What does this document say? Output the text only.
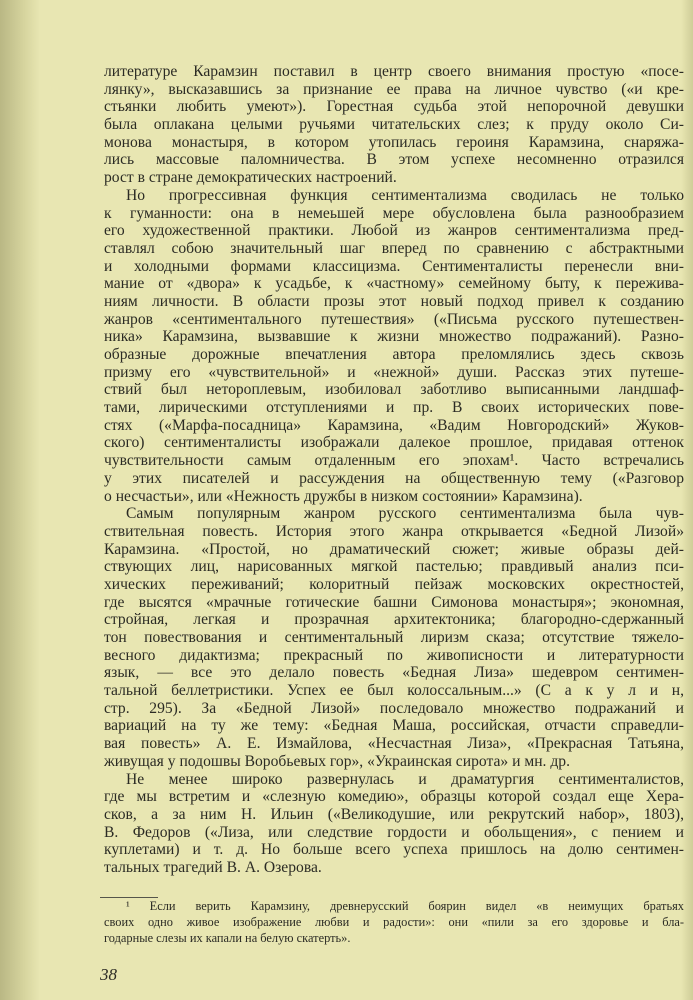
литературе Карамзин поставил в центр своего внимания простую «посе-
лянку», высказавшись за признание ее права на личное чувство («и кре-
стьянки любить умеют»). Горестная судьба этой непорочной девушки
была оплакана целыми ручьями читательских слез; к пруду около Си-
монова монастыря, в котором утопилась героиня Карамзина, снаряжа-
лись массовые паломничества. В этом успехе несомненно отразился
рост в стране демократических настроений.
Но прогрессивная функция сентиментализма сводилась не только
к гуманности: она в немеьшей мере обусловлена была разнообразием
его художественной практики. Любой из жанров сентиментализма пред-
ставлял собою значительный шаг вперед по сравнению с абстрактными
и холодными формами классицизма. Сентименталисты перенесли вни-
мание от «двора» к усадьбе, к «частному» семейному быту, к пережива-
ниям личности. В области прозы этот новый подход привел к созданию
жанров «сентиментального путешествия» («Письма русского путешествен-
ника» Карамзина, вызвавшие к жизни множество подражаний). Разно-
образные дорожные впечатления автора преломлялись здесь сквозь
призму его «чувствительной» и «нежной» души. Рассказ этих путеше-
ствий был нетороплевым, изобиловал заботливо выписанными ландшаф-
тами, лирическими отступлениями и пр. В своих исторических пове-
стях («Марфа-посадница» Карамзина, «Вадим Новгородский» Жуков-
ского) сентименталисты изображали далекое прошлое, придавая оттенок
чувствительности самым отдаленным его эпохам¹. Часто встречались
у этих писателей и рассуждения на общественную тему («Разговор
о несчастьи», или «Нежность дружбы в низком состоянии» Карамзина).
Самым популярным жанром русского сентиментализма была чув-
ствительная повесть. История этого жанра открывается «Бедной Лизой»
Карамзина. «Простой, но драматический сюжет; живые образы дей-
ствующих лиц, нарисованных мягкой пастелью; правдивый анализ пси-
хических переживаний; колоритный пейзаж московских окрестностей,
где высятся «мрачные готические башни Симонова монастыря»; экономная,
стройная, легкая и прозрачная архитектоника; благородно-сдержанный
тон повествования и сентиментальный лиризм сказа; отсутствие тяжело-
весного дидактизма; прекрасный по живописности и литературности
язык, — все это делало повесть «Бедная Лиза» шедевром сентимен-
тальной беллетристики. Успех ее был колоссальным...» (С а к у л и н,
стр. 295). За «Бедной Лизой» последовало множество подражаний и
вариаций на ту же тему: «Бедная Маша, российская, отчасти справедли-
вая повесть» А. Е. Измайлова, «Несчастная Лиза», «Прекрасная Татьяна,
живущая у подошвы Воробьевых гор», «Украинская сирота» и мн. др.
Не менее широко развернулась и драматургия сентименталистов,
где мы встретим и «слезную комедию», образцы которой создал еще Хера-
сков, а за ним Н. Ильин («Великодушие, или рекрутский набор», 1803),
В. Федоров («Лиза, или следствие гордости и обольщения», с пением и
куплетами) и т. д. Но больше всего успеха пришлось на долю сентимен-
тальных трагедий В. А. Озерова.
¹ Если верить Карамзину, древнерусский боярин видел «в неимущих братьях
своих одно живое изображение любви и радости»: они «пили за его здоровье и бла-
годарные слезы их капали на белую скатерть».
38
